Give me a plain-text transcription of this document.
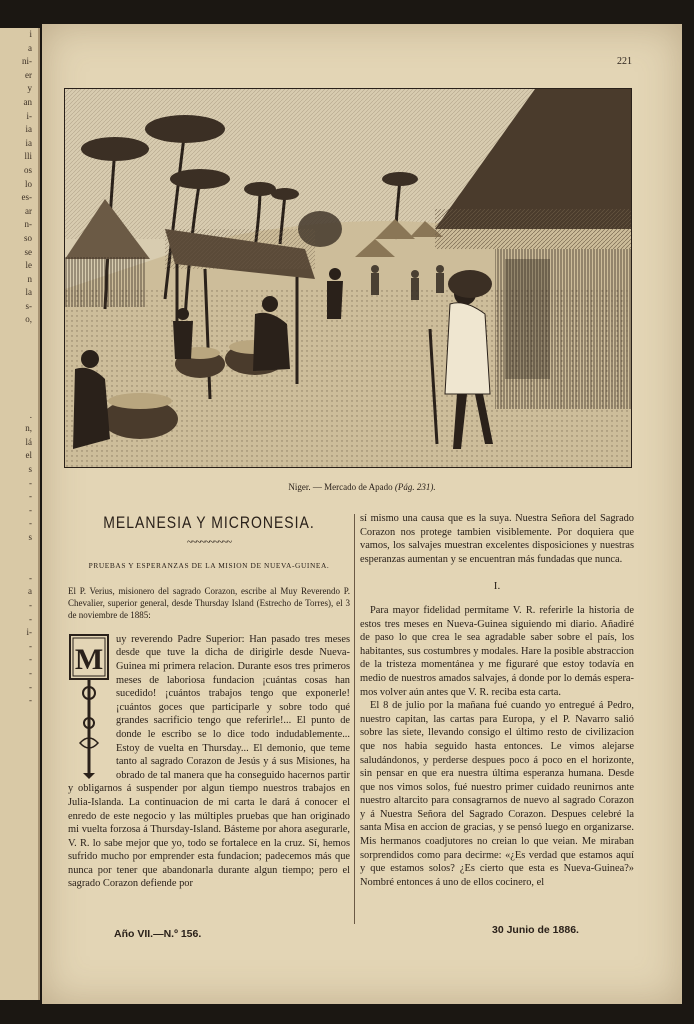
i
a
ni-
er
y
an
i-
ia
ia
lli
os
lo
es-
ar
n-
so
se
le
n
la
s-
o,

.
n,
lá
el
s
-
-
-
-
s

-
a
-
-
i-
-
-
-
-
-

221
Niger. — Mercado de Apado (Pág. 231).
MELANESIA Y MICRONESIA.
~~~~~~~~~~
PRUEBAS Y ESPERANZAS DE LA MISION DE NUEVA-GUINEA.
El P. Verius, misionero del sagrado Corazon, escribe al Muy Reverendo P. Chevalier, superior general, desde Thursday Island (Estrecho de Torres), el 3 de noviembre de 1885:
M

uy reverendo Padre Superior: Han pasado tres meses desde que tuve la dicha de dirigirle desde Nueva-Guinea mi primera relacion. Durante esos tres primeros meses de laboriosa fundacion ¡cuántas cosas han sucedido! ¡cuántos trabajos tengo que exponerle! ¡cuántos goces que participarle y sobre todo qué grandes sacrificio tengo que referirle!... El punto de donde le escribo se lo dice todo indudablemente... Estoy de vuelta en Thursday... El demonio, que teme tanto al sagrado Corazon de Jesús y á sus Misiones, ha obrado de tal manera que ha conseguido hacernos partir y obligarnos á suspender por algun tiempo nuestros trabajos en Julia-Islanda. La continuacion de mi carta le dará á conocer el enredo de este negocio y las múltiples pruebas que han originado mi vuelta forzosa á Thursday-Island. Básteme por ahora asegurarle, V. R. lo sabe mejor que yo, todo se fortalece en la cruz. Sí, hemos sufrido mucho por emprender esta fundacion; padecemos más que nunca por tener que abandonarla durante algun tiempo; pero el sagrado Corazon defiende por

sí mismo una causa que es la suya. Nuestra Señora del Sagrado Corazon nos protege tambien visiblemente. Por doquiera que vamos, los salvajes muestran excelentes disposiciones y nuestras esperanzas aumentan y se encuentran más fundadas que nunca.

I.

Para mayor fidelidad permítame V. R. referirle la historia de estos tres meses en Nueva-Guinea siguiendo mi diario. Añadiré de paso lo que crea le sea agradable saber sobre el país, los habitantes, sus costumbres y modales. Hare la posible abstraccion de la tristeza momentánea y me figuraré que estoy todavía en medio de nuestros amados salvajes, á donde por lo demás espera-mos volver aún antes que V. R. reciba esta carta.

El 8 de julio por la mañana fué cuando yo entregué á Pedro, nuestro capitan, las cartas para Europa, y el P. Navarro salió sobre las siete, llevando consigo el último resto de civilizacion que nos habia seguido hasta entonces. Le vimos alejarse saludándonos, y perderse despues poco á poco en el horizonte, sin pensar en que era nuestra última esperanza humana. Desde que nos vimos solos, fué nuestro primer cuidado reunirnos ante nuestro altarcito para consagrarnos de nuevo al sagrado Corazon y á Nuestra Señora del Sagrado Corazon. Despues celebré la santa Misa en accion de gracias, y se pensó luego en organizarse. Mis hermanos coadjutores no creian lo que veian. Me miraban sorprendidos como para decirme: «¿Es verdad que estamos aquí y que estamos solos? ¿Es cierto que esta es Nueva-Guinea?» Nombré entonces á uno de ellos cocinero, el

Año VII.—N.º 156.	30 Junio de 1886.
